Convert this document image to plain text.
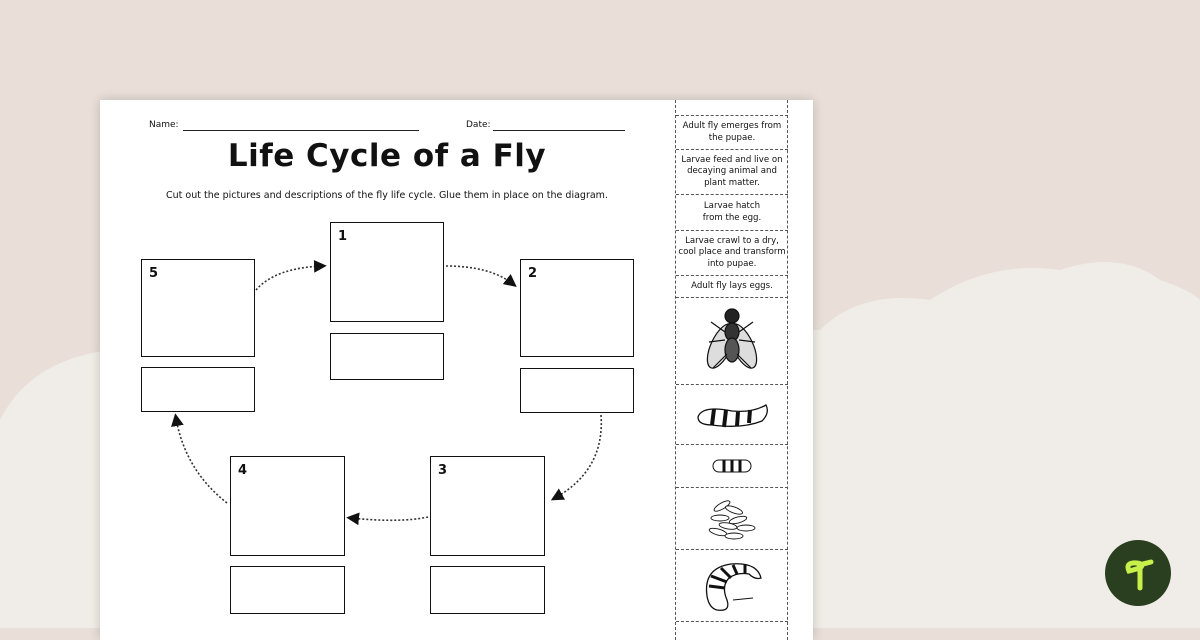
Name:	Date:
Life Cycle of a Fly
Cut out the pictures and descriptions of the fly life cycle. Glue them in place on the diagram.
1
2
3
4
5
Adult fly emerges from the pupae.
Larvae feed and live on decaying animal and plant matter.
Larvae hatch from the egg.
Larvae crawl to a dry, cool place and transform into pupae.
Adult fly lays eggs.
